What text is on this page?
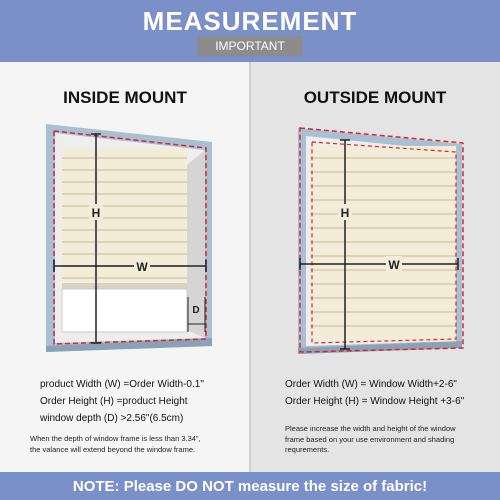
MEASUREMENT
IMPORTANT
INSIDE MOUNT	OUTSIDE MOUNT
H
W
D
H
W
product Width (W) =Order Width-0.1"
Order Height (H) =product Height
window depth (D) >2.56"(6.5cm)
When the depth of window frame is less than 3.34",
the valance will extend beyond the window frame.
Order Width (W) = Window Width+2-6"
Order Height (H) = Window Height +3-6"
Please increase the width and height of the window
frame based on your use environment and shading
requrements.
NOTE: Please DO NOT measure the size of fabric!
